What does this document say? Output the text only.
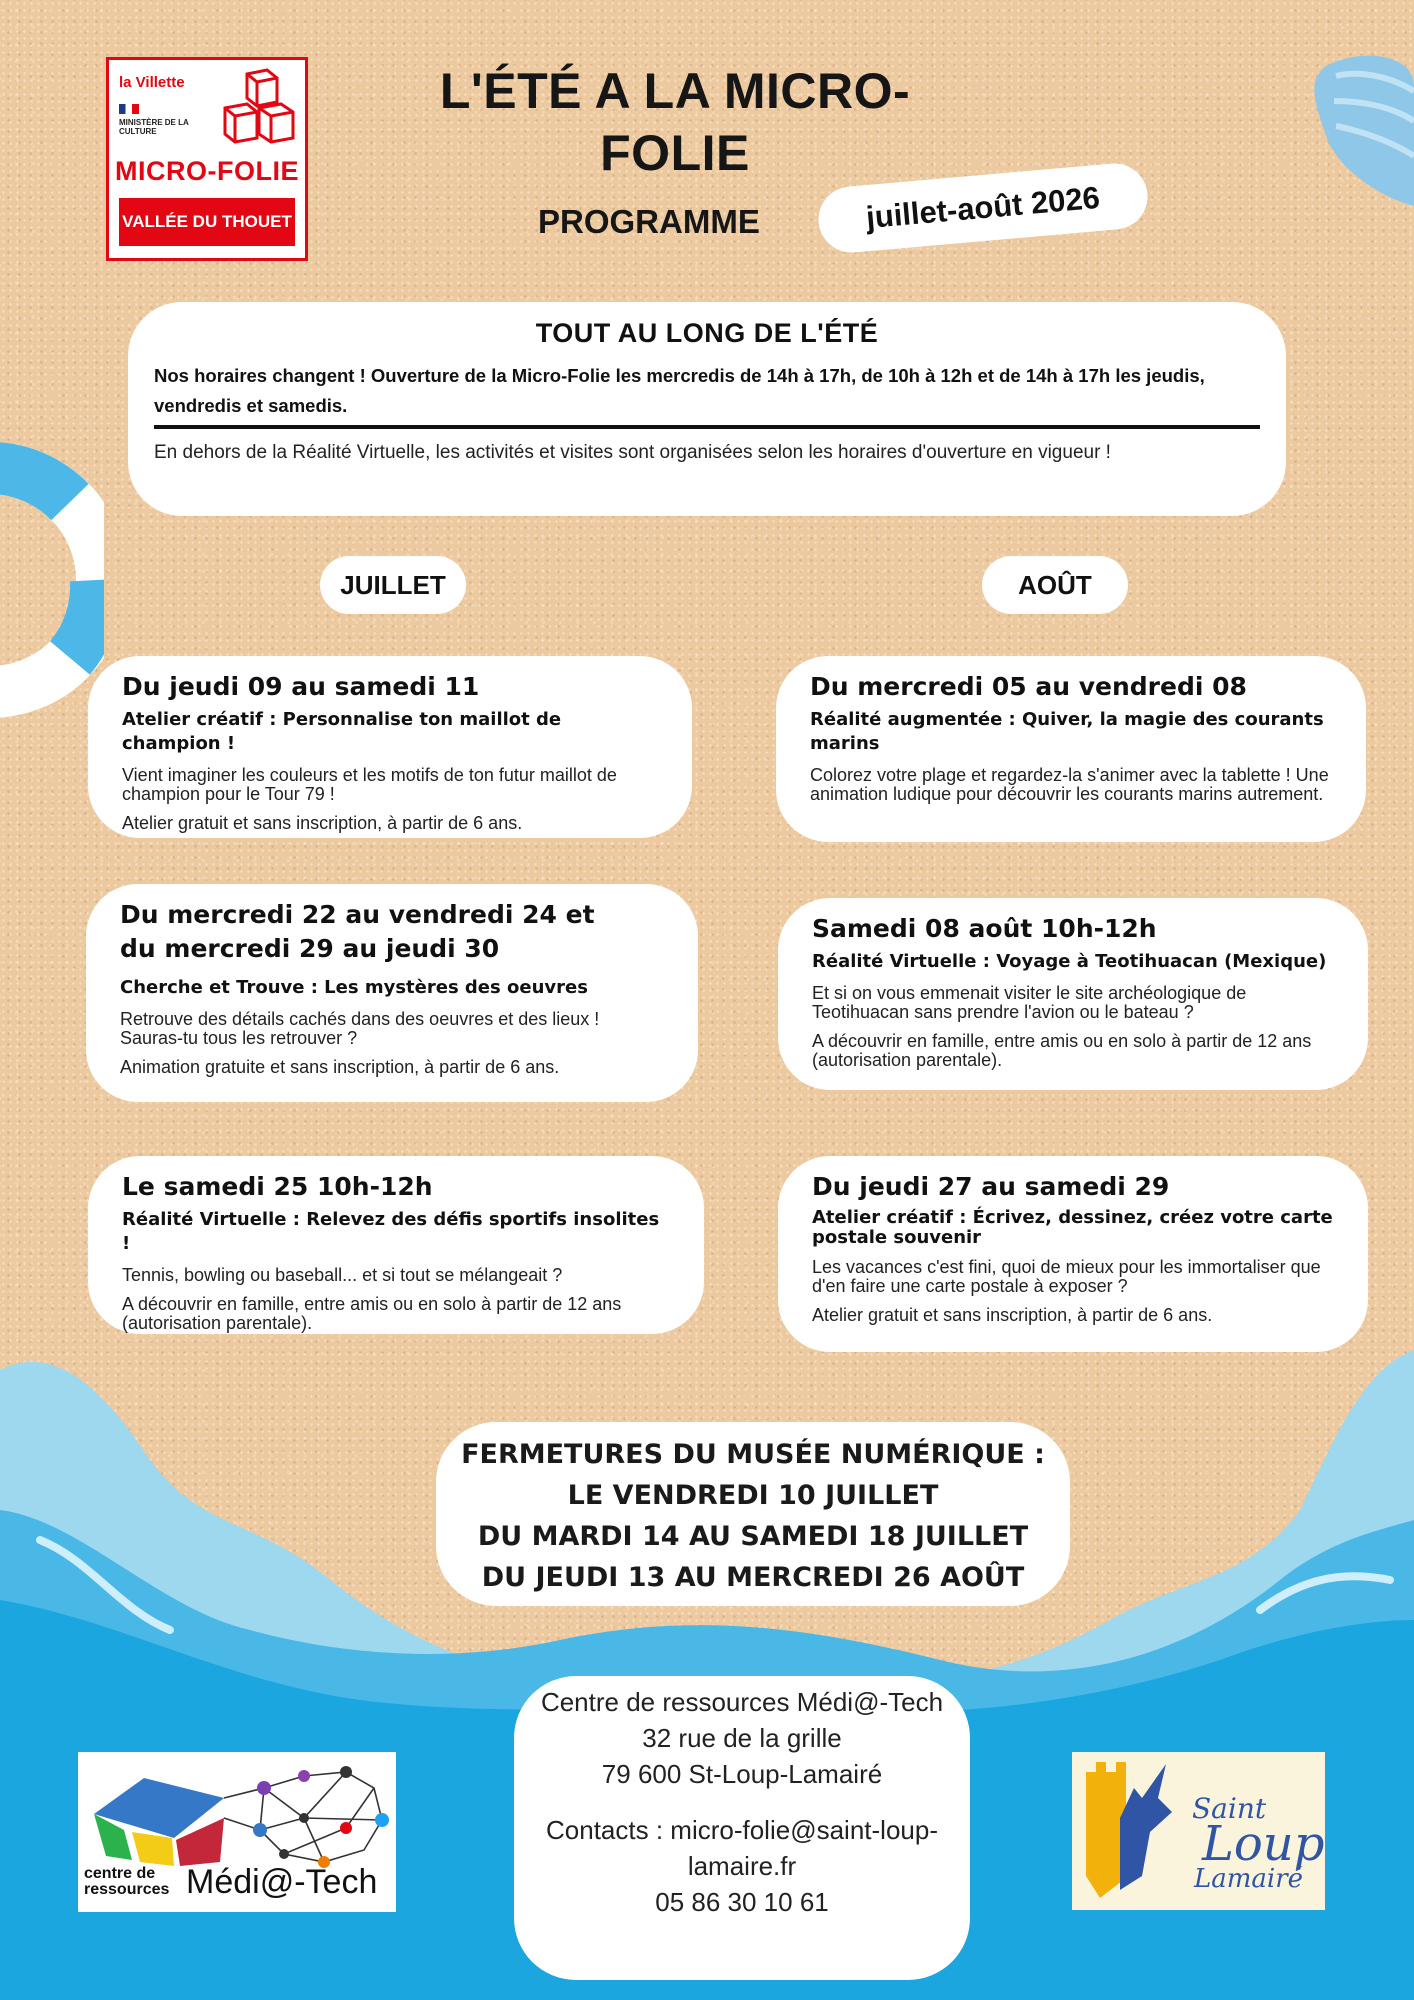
la Villette
MINISTÈRE DE LA CULTURE
MICRO-FOLIE
VALLÉE DU THOUET
L'ÉTÉ A LA MICRO-FOLIE
PROGRAMME	juillet-août 2026
TOUT AU LONG DE L'ÉTÉ
Nos horaires changent ! Ouverture de la Micro-Folie les mercredis de 14h à 17h, de 10h à 12h et de 14h à 17h les jeudis, vendredis et samedis.
En dehors de la Réalité Virtuelle, les activités et visites sont organisées selon les horaires d'ouverture en vigueur !
JUILLET	AOÛT
Du jeudi 09 au samedi 11
Atelier créatif : Personnalise ton maillot de champion !

Vient imaginer les couleurs et les motifs de ton futur maillot de champion pour le Tour 79 !

Atelier gratuit et sans inscription, à partir de 6 ans.

Du mercredi 22 au vendredi 24 et du mercredi 29 au jeudi 30
Cherche et Trouve : Les mystères des oeuvres

Retrouve des détails cachés dans des oeuvres et des lieux ! Sauras-tu tous les retrouver ?

Animation gratuite et sans inscription, à partir de 6 ans.

Le samedi 25 10h-12h
Réalité Virtuelle : Relevez des défis sportifs insolites !

Tennis, bowling ou baseball... et si tout se mélangeait ?

A découvrir en famille, entre amis ou en solo à partir de 12 ans (autorisation parentale).

Du mercredi 05 au vendredi 08
Réalité augmentée : Quiver, la magie des courants marins

Colorez votre plage et regardez-la s'animer avec la tablette ! Une animation ludique pour découvrir les courants marins autrement.

Samedi 08 août 10h-12h
Réalité Virtuelle : Voyage à Teotihuacan (Mexique)

Et si on vous emmenait visiter le site archéologique de Teotihuacan sans prendre l'avion ou le bateau ?

A découvrir en famille, entre amis ou en solo à partir de 12 ans (autorisation parentale).

Du jeudi 27 au samedi 29
Atelier créatif : Écrivez, dessinez, créez votre carte postale souvenir

Les vacances c'est fini, quoi de mieux pour les immortaliser que d'en faire une carte postale à exposer ?

Atelier gratuit et sans inscription, à partir de 6 ans.

FERMETURES DU MUSÉE NUMÉRIQUE :
LE VENDREDI 10 JUILLET
DU MARDI 14 AU SAMEDI 18 JUILLET
DU JEUDI 13 AU MERCREDI 26 AOÛT
Centre de ressources Médi@-Tech
32 rue de la grille
79 600 St-Loup-Lamairé
Contacts : micro-folie@saint-loup-
lamaire.fr
05 86 30 10 61
centre de
ressources Médi@-Tech
Saint
Loup
Lamairé
